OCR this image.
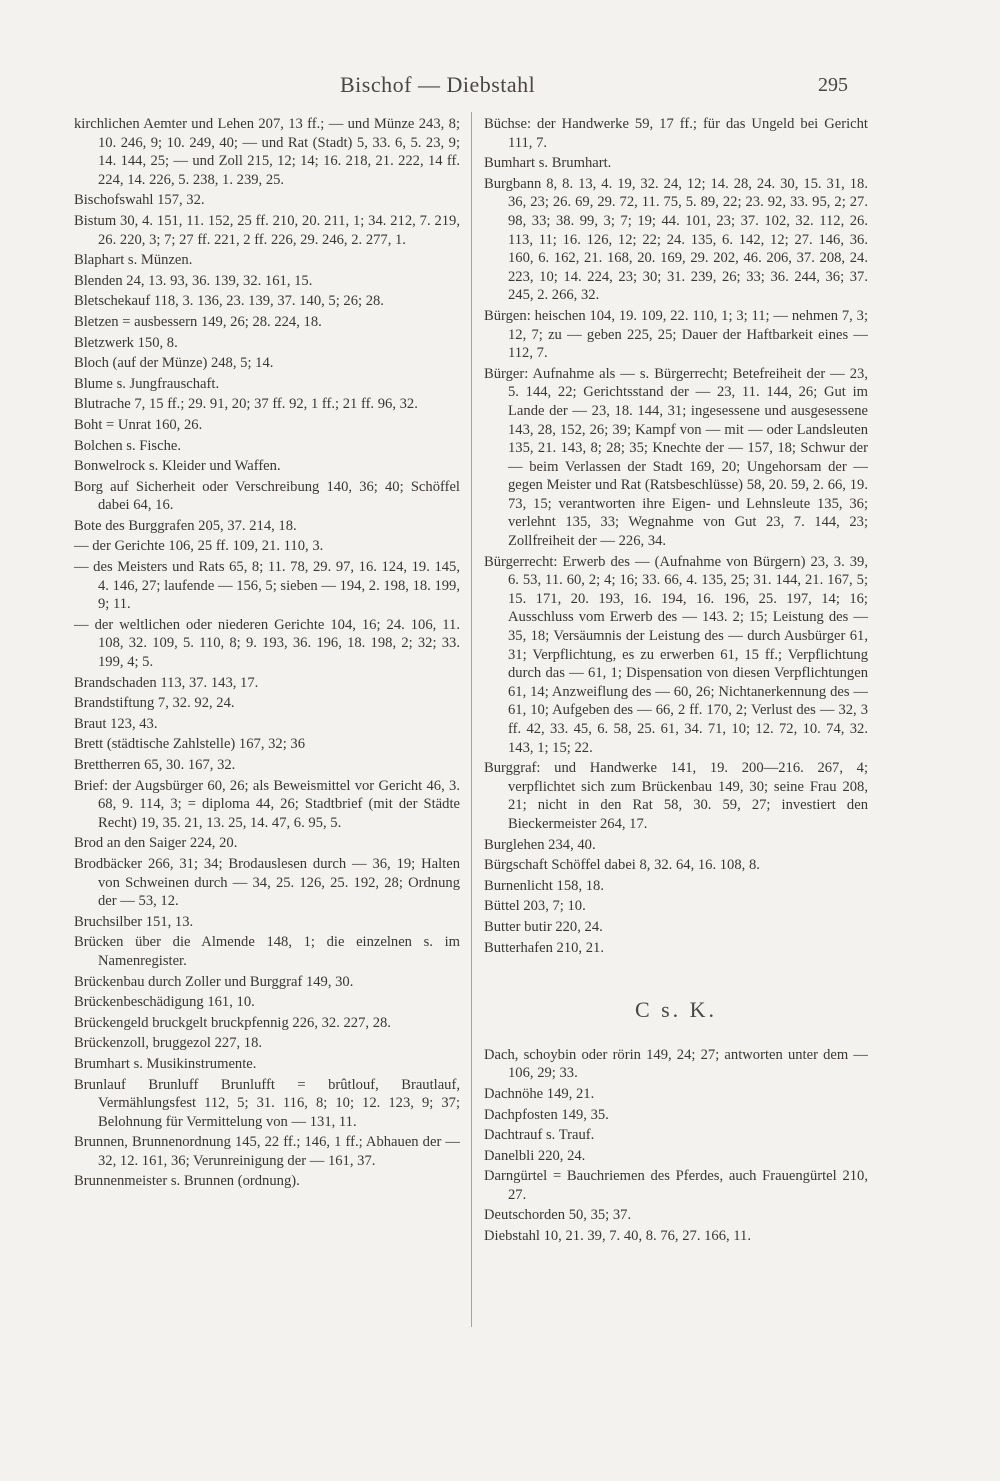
Bischof — Diebstahl	295

kirchlichen Aemter und Lehen 207, 13 ff.; — und Münze 243, 8; 10. 246, 9; 10. 249, 40; — und Rat (Stadt) 5, 33. 6, 5. 23, 9; 14. 144, 25; — und Zoll 215, 12; 14; 16. 218, 21. 222, 14 ff. 224, 14. 226, 5. 238, 1. 239, 25.

Bischofswahl 157, 32.

Bistum 30, 4. 151, 11. 152, 25 ff. 210, 20. 211, 1; 34. 212, 7. 219, 26. 220, 3; 7; 27 ff. 221, 2 ff. 226, 29. 246, 2. 277, 1.

Blaphart s. Münzen.

Blenden 24, 13. 93, 36. 139, 32. 161, 15.

Bletschekauf 118, 3. 136, 23. 139, 37. 140, 5; 26; 28.

Bletzen = ausbessern 149, 26; 28. 224, 18.

Bletzwerk 150, 8.

Bloch (auf der Münze) 248, 5; 14.

Blume s. Jungfrauschaft.

Blutrache 7, 15 ff.; 29. 91, 20; 37 ff. 92, 1 ff.; 21 ff. 96, 32.

Boht = Unrat 160, 26.

Bolchen s. Fische.

Bonwelrock s. Kleider und Waffen.

Borg auf Sicherheit oder Verschreibung 140, 36; 40; Schöffel dabei 64, 16.

Bote des Burggrafen 205, 37. 214, 18.

— der Gerichte 106, 25 ff. 109, 21. 110, 3.

— des Meisters und Rats 65, 8; 11. 78, 29. 97, 16. 124, 19. 145, 4. 146, 27; laufende — 156, 5; sieben — 194, 2. 198, 18. 199, 9; 11.

— der weltlichen oder niederen Gerichte 104, 16; 24. 106, 11. 108, 32. 109, 5. 110, 8; 9. 193, 36. 196, 18. 198, 2; 32; 33. 199, 4; 5.

Brandschaden 113, 37. 143, 17.

Brandstiftung 7, 32. 92, 24.

Braut 123, 43.

Brett (städtische Zahlstelle) 167, 32; 36

Brettherren 65, 30. 167, 32.

Brief: der Augsbürger 60, 26; als Beweismittel vor Gericht 46, 3. 68, 9. 114, 3; = diploma 44, 26; Stadtbrief (mit der Städte Recht) 19, 35. 21, 13. 25, 14. 47, 6. 95, 5.

Brod an den Saiger 224, 20.

Brodbäcker 266, 31; 34; Brodauslesen durch — 36, 19; Halten von Schweinen durch — 34, 25. 126, 25. 192, 28; Ordnung der — 53, 12.

Bruchsilber 151, 13.

Brücken über die Almende 148, 1; die einzelnen s. im Namenregister.

Brückenbau durch Zoller und Burggraf 149, 30.

Brückenbeschädigung 161, 10.

Brückengeld bruckgelt bruckpfennig 226, 32. 227, 28.

Brückenzoll, bruggezol 227, 18.

Brumhart s. Musikinstrumente.

Brunlauf Brunluff Brunlufft = brûtlouf, Brautlauf, Vermählungsfest 112, 5; 31. 116, 8; 10; 12. 123, 9; 37; Belohnung für Vermittelung von — 131, 11.

Brunnen, Brunnenordnung 145, 22 ff.; 146, 1 ff.; Abhauen der — 32, 12. 161, 36; Verunreinigung der — 161, 37.

Brunnenmeister s. Brunnen (ordnung).

Büchse: der Handwerke 59, 17 ff.; für das Ungeld bei Gericht 111, 7.

Bumhart s. Brumhart.

Burgbann 8, 8. 13, 4. 19, 32. 24, 12; 14. 28, 24. 30, 15. 31, 18. 36, 23; 26. 69, 29. 72, 11. 75, 5. 89, 22; 23. 92, 33. 95, 2; 27. 98, 33; 38. 99, 3; 7; 19; 44. 101, 23; 37. 102, 32. 112, 26. 113, 11; 16. 126, 12; 22; 24. 135, 6. 142, 12; 27. 146, 36. 160, 6. 162, 21. 168, 20. 169, 29. 202, 46. 206, 37. 208, 24. 223, 10; 14. 224, 23; 30; 31. 239, 26; 33; 36. 244, 36; 37. 245, 2. 266, 32.

Bürgen: heischen 104, 19. 109, 22. 110, 1; 3; 11; — nehmen 7, 3; 12, 7; zu — geben 225, 25; Dauer der Haftbarkeit eines — 112, 7.

Bürger: Aufnahme als — s. Bürgerrecht; Betefreiheit der — 23, 5. 144, 22; Gerichtsstand der — 23, 11. 144, 26; Gut im Lande der — 23, 18. 144, 31; ingesessene und ausgesessene 143, 28, 152, 26; 39; Kampf von — mit — oder Landsleuten 135, 21. 143, 8; 28; 35; Knechte der — 157, 18; Schwur der — beim Verlassen der Stadt 169, 20; Ungehorsam der — gegen Meister und Rat (Ratsbeschlüsse) 58, 20. 59, 2. 66, 19. 73, 15; verantworten ihre Eigen- und Lehnsleute 135, 36; verlehnt 135, 33; Wegnahme von Gut 23, 7. 144, 23; Zollfreiheit der — 226, 34.

Bürgerrecht: Erwerb des — (Aufnahme von Bürgern) 23, 3. 39, 6. 53, 11. 60, 2; 4; 16; 33. 66, 4. 135, 25; 31. 144, 21. 167, 5; 15. 171, 20. 193, 16. 194, 16. 196, 25. 197, 14; 16; Ausschluss vom Erwerb des — 143. 2; 15; Leistung des — 35, 18; Versäumnis der Leistung des — durch Ausbürger 61, 31; Verpflichtung, es zu erwerben 61, 15 ff.; Verpflichtung durch das — 61, 1; Dispensation von diesen Verpflichtungen 61, 14; Anzweiflung des — 60, 26; Nichtanerkennung des — 61, 10; Aufgeben des — 66, 2 ff. 170, 2; Verlust des — 32, 3 ff. 42, 33. 45, 6. 58, 25. 61, 34. 71, 10; 12. 72, 10. 74, 32. 143, 1; 15; 22.

Burggraf: und Handwerke 141, 19. 200—216. 267, 4; verpflichtet sich zum Brückenbau 149, 30; seine Frau 208, 21; nicht in den Rat 58, 30. 59, 27; investiert den Bieckermeister 264, 17.

Burglehen 234, 40.

Bürgschaft Schöffel dabei 8, 32. 64, 16. 108, 8.

Burnenlicht 158, 18.

Büttel 203, 7; 10.

Butter butir 220, 24.

Butterhafen 210, 21.

C s. K.

Dach, schoybin oder rörin 149, 24; 27; antworten unter dem — 106, 29; 33.

Dachnöhe 149, 21.

Dachpfosten 149, 35.

Dachtrauf s. Trauf.

Danelbli 220, 24.

Darngürtel = Bauchriemen des Pferdes, auch Frauengürtel 210, 27.

Deutschorden 50, 35; 37.

Diebstahl 10, 21. 39, 7. 40, 8. 76, 27. 166, 11.
